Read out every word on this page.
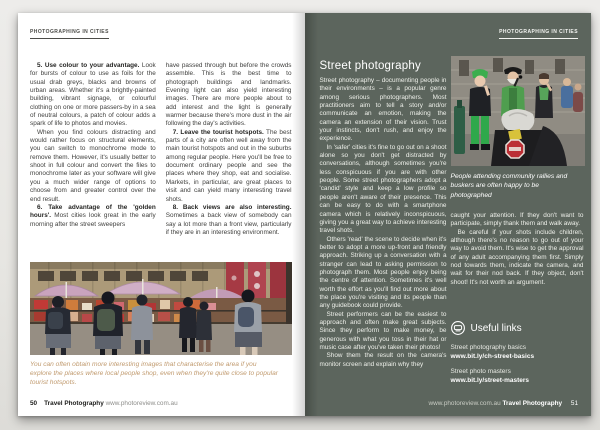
PHOTOGRAPHING IN CITIES

5. Use colour to your advantage. Look for bursts of colour to use as foils for the usual drab greys, blacks and browns of urban areas. Whether it's a brightly-painted building, vibrant signage, or colourful clothing on one or more passers-by in a sea of neutral colours, a patch of colour adds a spark of life to photos and movies.

When you find colours distracting and would rather focus on structural elements, you can switch to monochrome mode to remove them. However, it's usually better to shoot in full colour and convert the files to monochrome later as your software will give you a much wider range of options to choose from and greater control over the end result.

6. Take advantage of the 'golden hours'. Most cities look great in the early morning after the street sweepers

have passed through but before the crowds assemble. This is the best time to photograph buildings and landmarks. Evening light can also yield interesting images. There are more people about to add interest and the light is generally warmer because there's more dust in the air following the day's activities.

7. Leave the tourist hotspots. The best parts of a city are often well away from the main tourist hotspots and out in the suburbs among regular people. Here you'll be free to document ordinary people and see the places where they shop, eat and socialise. Markets, in particular, are great places to visit and can yield many interesting travel shots.

8. Back views are also interesting. Sometimes a back view of somebody can say a lot more than a front view, particularly if they are in an interesting environment.

You can often obtain more interesting images that characterise the area if you explore the places where local people shop, even when they're quite close to popular tourist hotspots.
50 Travel Photography www.photoreview.com.au
PHOTOGRAPHING IN CITIES
Street photography

Street photography – documenting people in their environments – is a popular genre among serious photographers. Most practitioners aim to tell a story and/or communicate an emotion, making the camera an extension of their vision. Trust your instincts, don't rush, and enjoy the experience.

In 'safer' cities it's fine to go out on a shoot alone so you don't get distracted by conversations, although sometimes you're less conspicuous if you are with other people. Some street photographers adopt a 'candid' style and keep a low profile so people aren't aware of their presence. This can be easy to do with a smartphone camera which is relatively inconspicuous, giving you a great way to achieve interesting travel shots.

Others 'read' the scene to decide when it's better to adopt a more up-front and friendly approach. Striking up a conversation with a stranger can lead to asking permission to photograph them. Most people enjoy being the centre of attention. Sometimes it's well worth the effort as you'll find out more about the place you're visiting and its people than any guidebook could provide.

Street performers can be the easiest to approach and often make great subjects. Since they perform to make money, be generous with what you toss in their hat or music case after you've taken their photos!

Show them the result on the camera's monitor screen and explain why they

People attending community rallies and buskers are often happy to be photographed

caught your attention. If they don't want to participate, simply thank them and walk away.

Be careful if your shots include children, although there's no reason to go out of your way to avoid them. It's wise to get the approval of any adult accompanying them first. Simply nod towards them, indicate the camera, and wait for their nod back. If they object, don't shoot! It's not worth an argument.

Useful links
Street photography basics
www.bit.ly/ch-street-basics
Street photo masters
www.bit.ly/street-masters
www.photoreview.com.au Travel Photography 51
